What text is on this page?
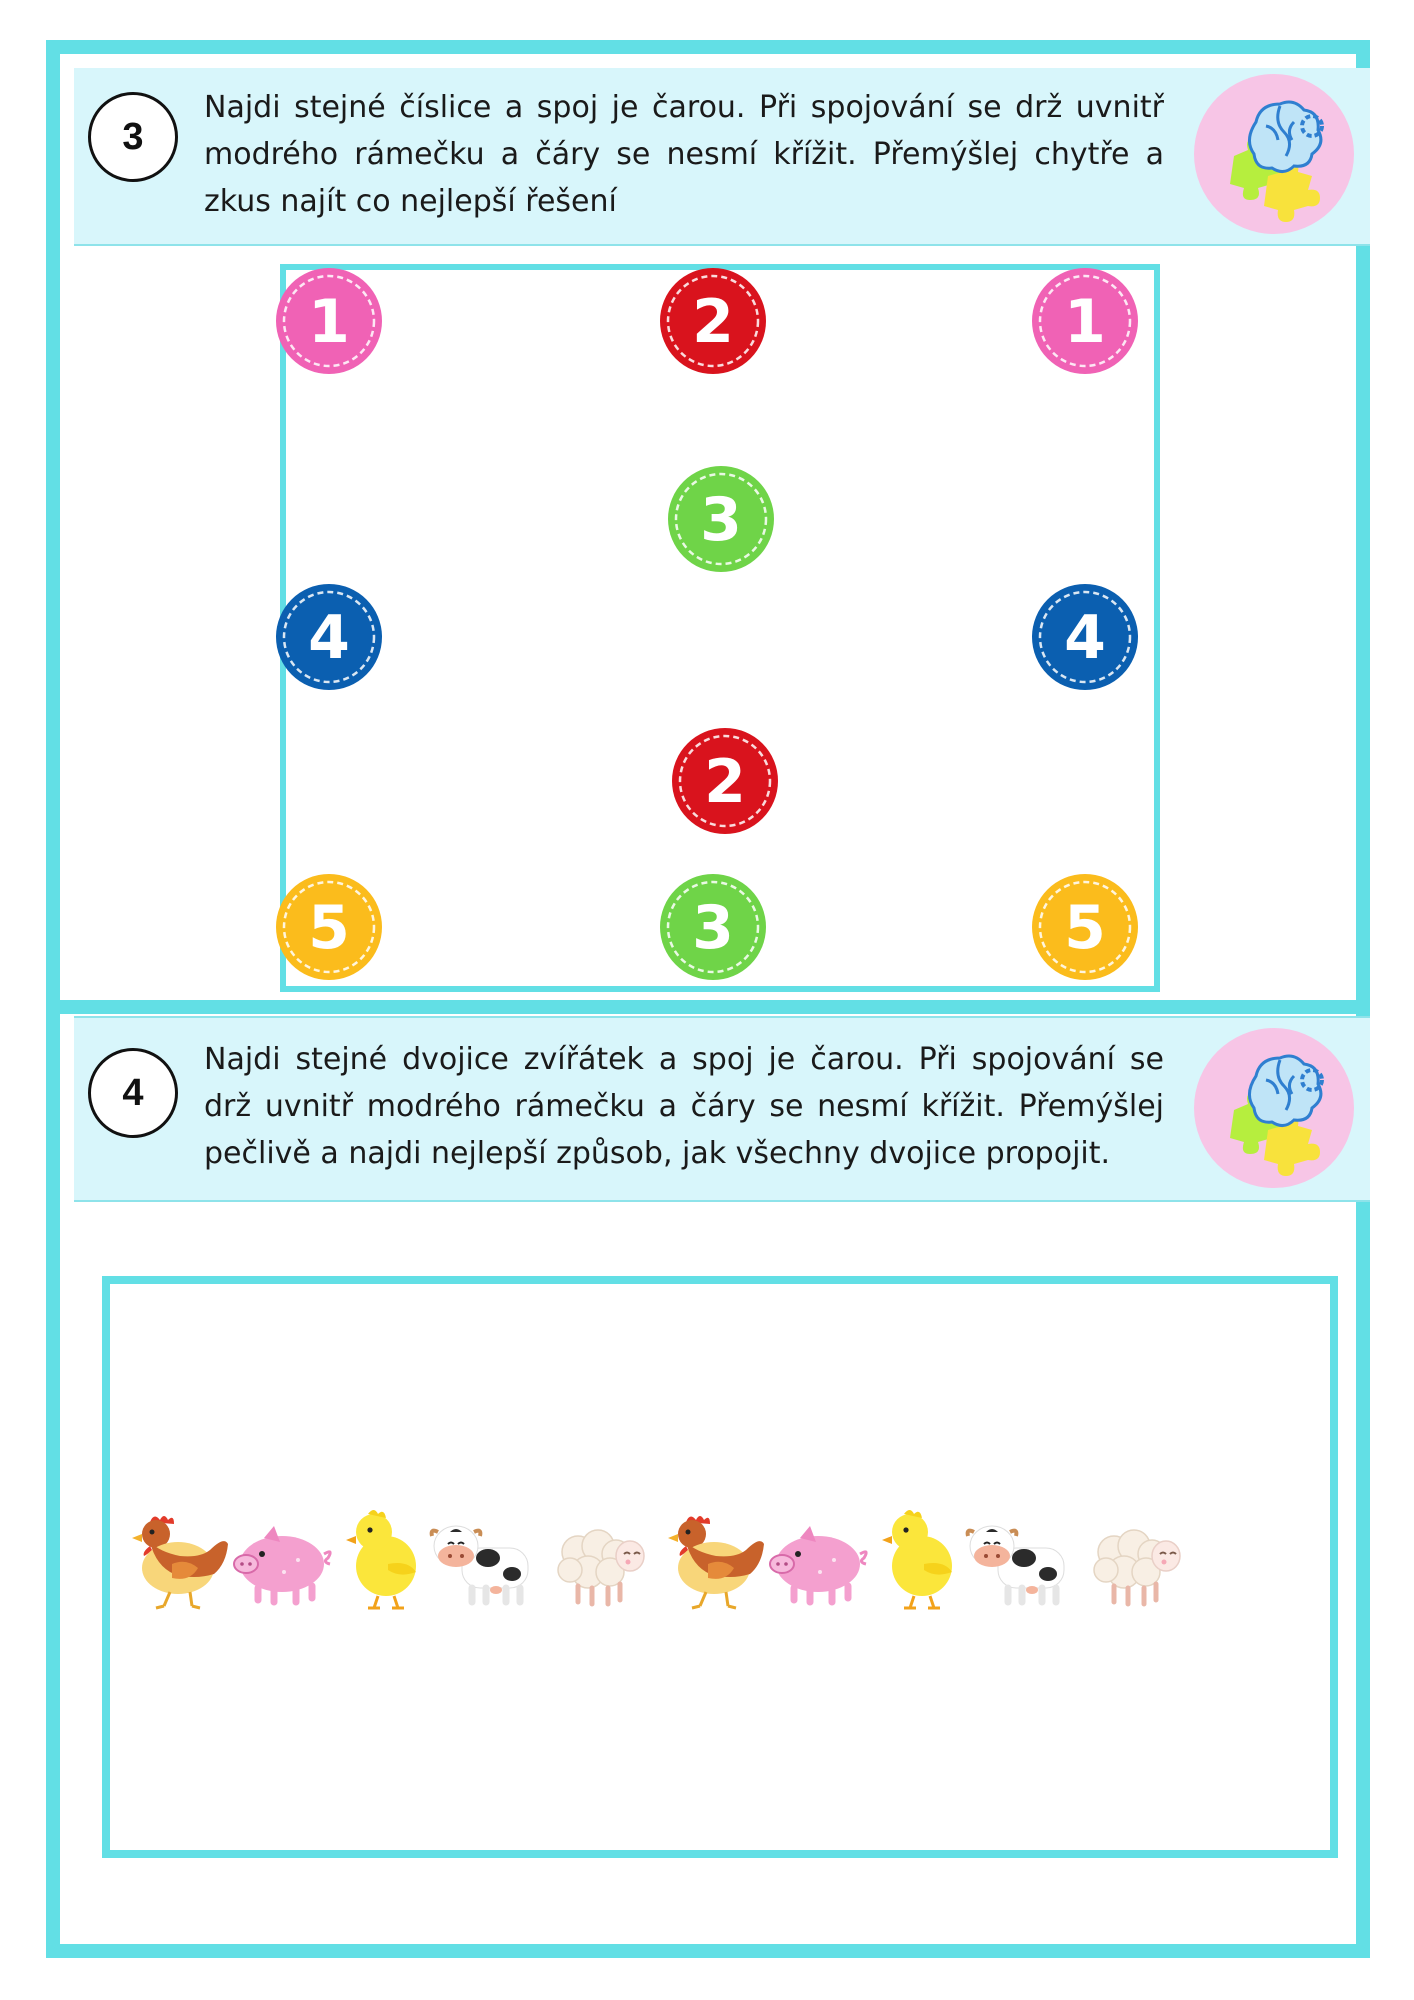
3

Najdi stejné číslice a spoj je čarou. Při spojování se drž uvnitř modrého rámečku a čáry se nesmí křížit. Přemýšlej chytře a zkus najít co nejlepší řešení

1	2	1
3
4	4
2
5	3	5
4

Najdi stejné dvojice zvířátek a spoj je čarou. Při spojování se drž uvnitř modrého rámečku a čáry se nesmí křížit. Přemýšlej pečlivě a najdi nejlepší způsob, jak všechny dvojice propojit.
